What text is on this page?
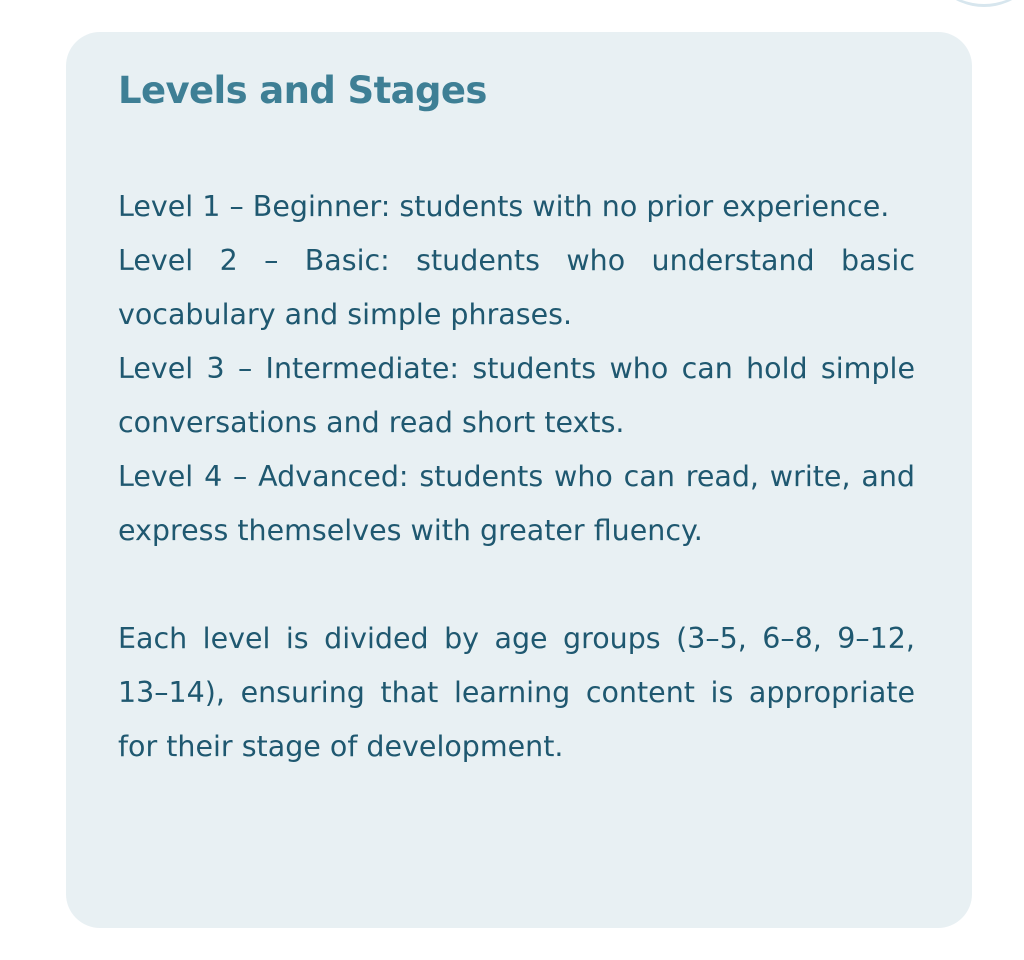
Levels and Stages

Level 1 – Beginner: students with no prior experience.

Level 2 – Basic: students who understand basic vocabulary and simple phrases.

Level 3 – Intermediate: students who can hold simple conversations and read short texts.

Level 4 – Advanced: students who can read, write, and express themselves with greater fluency.

Each level is divided by age groups (3–5, 6–8, 9–12, 13–14), ensuring that learning content is appropriate for their stage of development.
